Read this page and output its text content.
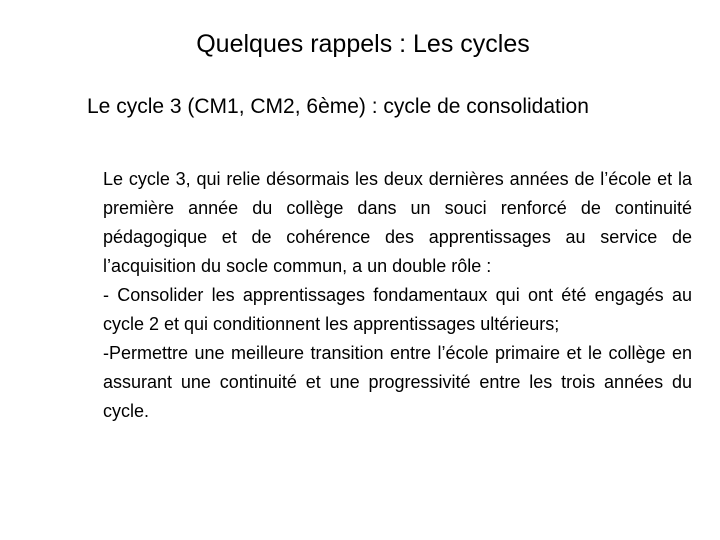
Quelques rappels : Les cycles
Le cycle 3 (CM1, CM2, 6ème) : cycle de consolidation

Le cycle 3, qui relie désormais les deux dernières années de l’école et la première année du collège dans un souci renforcé de continuité pédagogique et de cohérence des apprentissages au service de l’acquisition du socle commun, a un double rôle :

- Consolider les apprentissages fondamentaux qui ont été engagés au cycle 2 et qui conditionnent les apprentissages ultérieurs;

-Permettre une meilleure transition entre l’école primaire et le collège en assurant une continuité et une progressivité entre les trois années du cycle.
